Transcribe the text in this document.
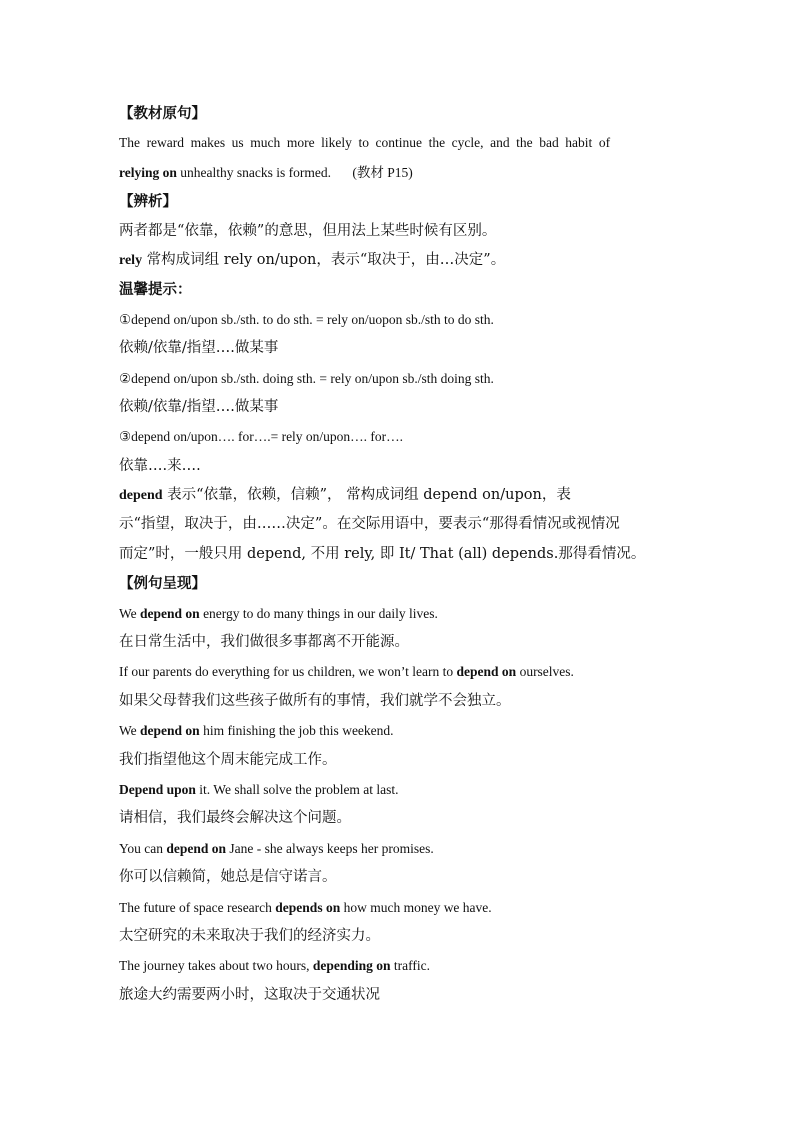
【教材原句】
The reward makes us much more likely to continue the cycle, and the bad habit of
relying on unhealthy snacks is formed. (教材 P15)
【辨析】
两者都是“依靠，依赖”的意思，但用法上某些时候有区别。
rely 常构成词组 rely on/upon，表示“取决于，由…决定”。
温馨提示：
①depend on/upon sb./sth. to do sth. = rely on/uopon sb./sth to do sth.
依赖/依靠/指望….做某事
②depend on/upon sb./sth. doing sth. = rely on/upon sb./sth doing sth.
依赖/依靠/指望….做某事
③depend on/upon…. for….= rely on/upon…. for….
依靠….来….
depend 表示“依靠，依赖，信赖”， 常构成词组 depend on/upon，表
示“指望，取决于，由……决定”。在交际用语中，要表示“那得看情况或视情况
而定”时，一般只用 depend, 不用 rely, 即 It/ That (all) depends.那得看情况。
【例句呈现】
We depend on energy to do many things in our daily lives.
在日常生活中，我们做很多事都离不开能源。
If our parents do everything for us children, we won’t learn to depend on ourselves.
如果父母替我们这些孩子做所有的事情，我们就学不会独立。
We depend on him finishing the job this weekend.
我们指望他这个周末能完成工作。
Depend upon it. We shall solve the problem at last.
请相信，我们最终会解决这个问题。
You can depend on Jane - she always keeps her promises.
你可以信赖简，她总是信守诺言。
The future of space research depends on how much money we have.
太空研究的未来取决于我们的经济实力。
The journey takes about two hours, depending on traffic.
旅途大约需要两小时，这取决于交通状况
